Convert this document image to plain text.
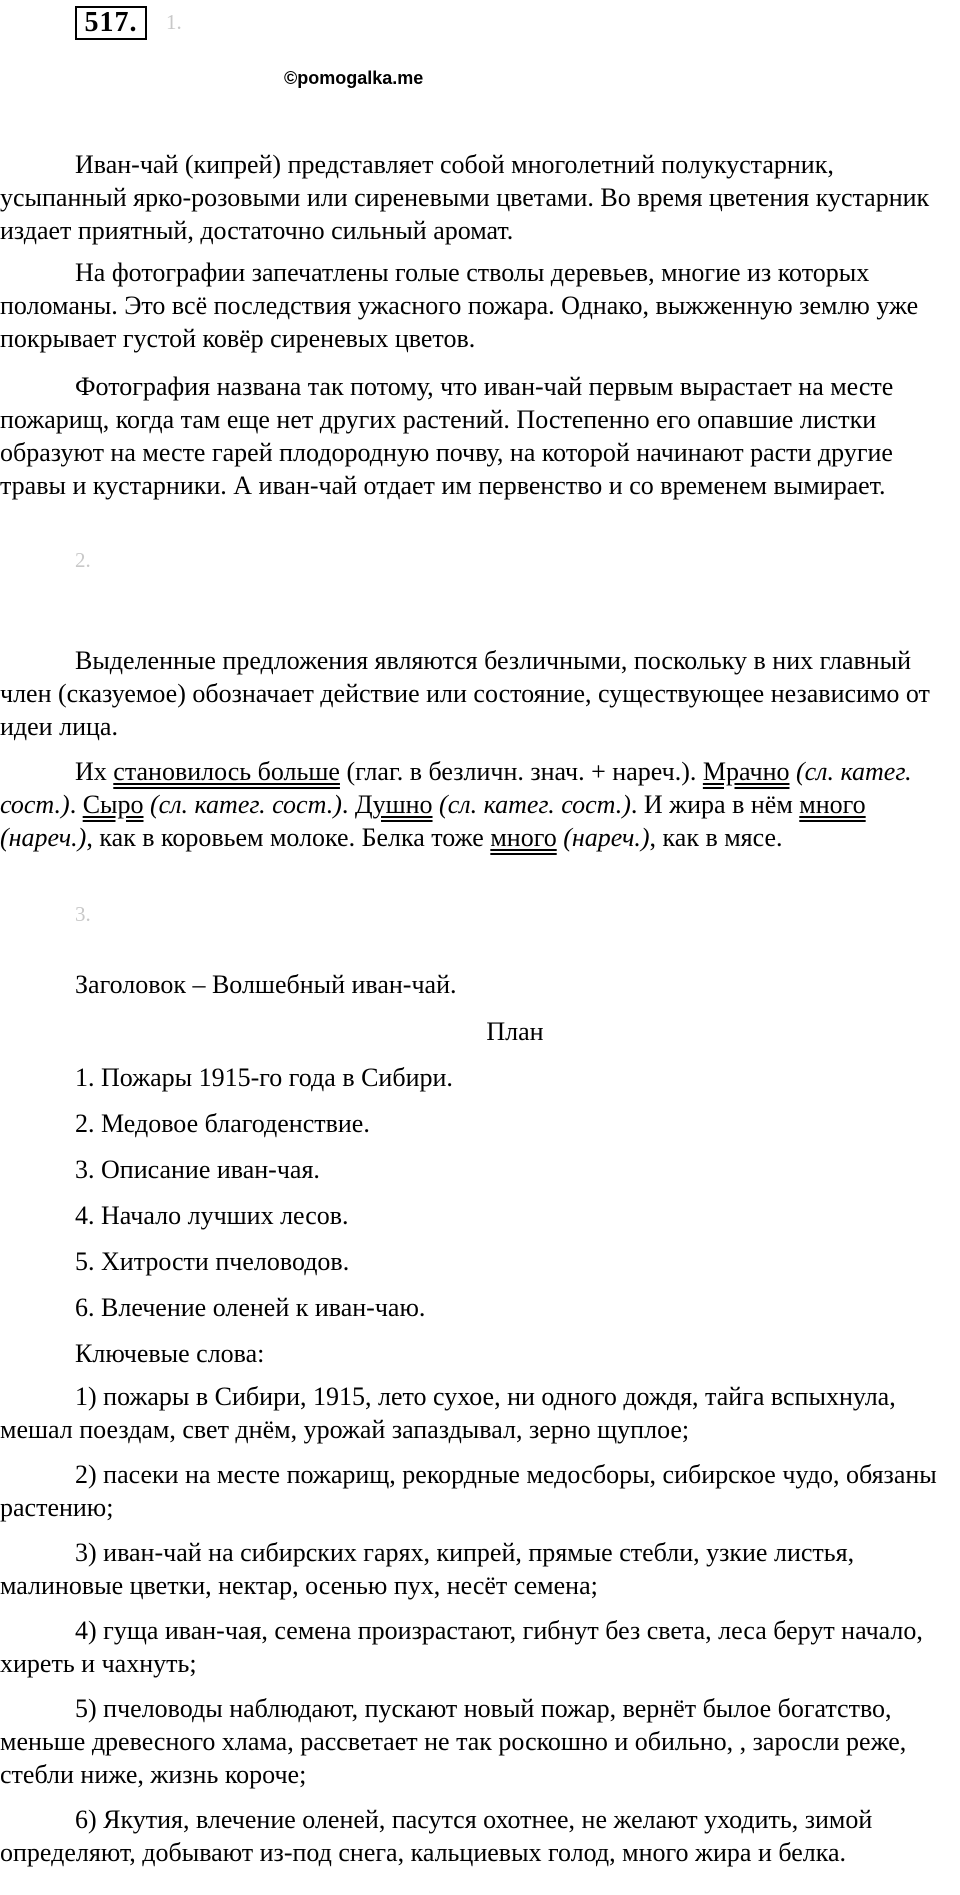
517.	1.
©pomogalka.me

Иван-чай (кипрей) представляет собой многолетний полукустарник, усыпанный ярко-розовыми или сиреневыми цветами. Во время цветения кустарник издает приятный, достаточно сильный аромат.

На фотографии запечатлены голые стволы деревьев, многие из которых поломаны. Это всё последствия ужасного пожара. Однако, выжженную землю уже покрывает густой ковёр сиреневых цветов.

Фотография названа так потому, что иван-чай первым вырастает на месте пожарищ, когда там еще нет других растений. Постепенно его опавшие листки образуют на месте гарей плодородную почву, на которой начинают расти другие травы и кустарники. А иван-чай отдает им первенство и со временем вымирает.

2.

Выделенные предложения являются безличными, поскольку в них главный член (сказуемое) обозначает действие или состояние, существующее независимо от идеи лица.

Их становилось больше (глаг. в безличн. знач. + нареч.). Мрачно (сл. катег. сост.). Сыро (сл. катег. сост.). Душно (сл. катег. сост.). И жира в нём много (нареч.), как в коровьем молоке. Белка тоже много (нареч.), как в мясе.

3.
Заголовок – Волшебный иван-чай.
План
1. Пожары 1915-го года в Сибири.
2. Медовое благоденствие.
3. Описание иван-чая.
4. Начало лучших лесов.
5. Хитрости пчеловодов.
6. Влечение оленей к иван-чаю.
Ключевые слова:

1) пожары в Сибири, 1915, лето сухое, ни одного дождя, тайга вспыхнула, мешал поездам, свет днём, урожай запаздывал, зерно щуплое;

2) пасеки на месте пожарищ, рекордные медосборы, сибирское чудо, обязаны растению;

3) иван-чай на сибирских гарях, кипрей, прямые стебли, узкие листья, малиновые цветки, нектар, осенью пух, несёт семена;

4) гуща иван-чая, семена произрастают, гибнут без света, леса берут начало, хиреть и чахнуть;

5) пчеловоды наблюдают, пускают новый пожар, вернёт былое богатство, меньше древесного хлама, рассветает не так роскошно и обильно, , заросли реже, стебли ниже, жизнь короче;

6) Якутия, влечение оленей, пасутся охотнее, не желают уходить, зимой определяют, добывают из-под снега, кальциевых голод, много жира и белка.
